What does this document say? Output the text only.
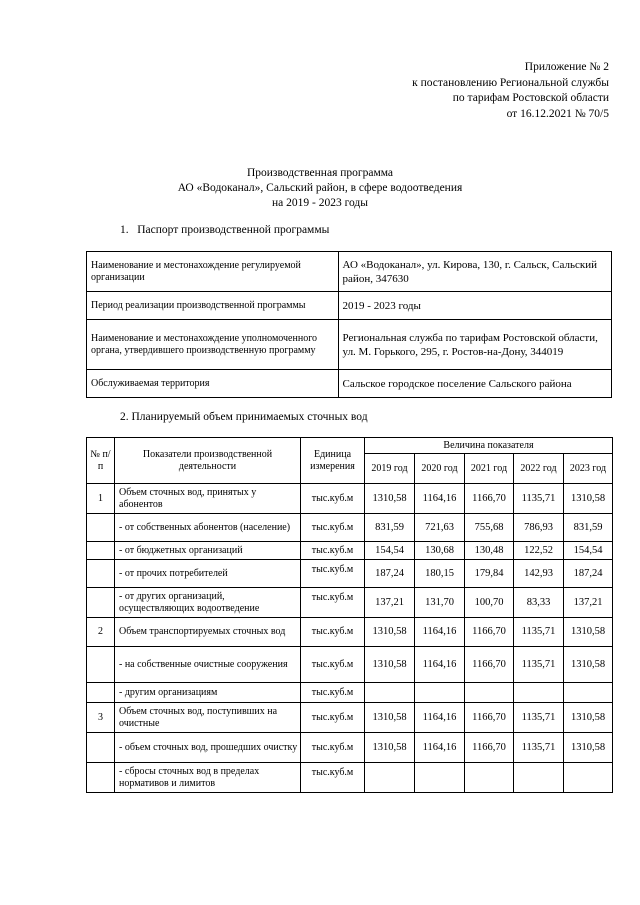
Приложение № 2
к постановлению Региональной службы
по тарифам Ростовской области
от 16.12.2021 № 70/5
Производственная программа
АО «Водоканал», Сальский район, в сфере водоотведения
на 2019 - 2023 годы
1. Паспорт производственной программы
Наименование и местонахождение регулируемой организации	АО «Водоканал», ул. Кирова, 130, г. Сальск, Сальский район, 347630
Период реализации производственной программы	2019 - 2023 годы
Наименование и местонахождение уполномоченного органа, утвердившего производственную программу	Региональная служба по тарифам Ростовской области, ул. М. Горького, 295, г. Ростов-на-Дону, 344019
Обслуживаемая территория	Сальское городское поселение Сальского района
2. Планируемый объем принимаемых сточных вод
№ п/п	Показатели производственной деятельности	Единица измерения	Величина показателя				
			2019 год	2020 год	2021 год	2022 год	2023 год
1	Объем сточных вод, принятых у абонентов	тыс.куб.м	1310,58	1164,16	1166,70	1135,71	1310,58
	- от собственных абонентов (население)	тыс.куб.м	831,59	721,63	755,68	786,93	831,59
	- от бюджетных организаций	тыс.куб.м	154,54	130,68	130,48	122,52	154,54
	- от прочих потребителей	тыс.куб.м	187,24	180,15	179,84	142,93	187,24
	- от других организаций, осуществляющих водоотведение	тыс.куб.м	137,21	131,70	100,70	83,33	137,21
2	Объем транспортируемых сточных вод	тыс.куб.м	1310,58	1164,16	1166,70	1135,71	1310,58
	- на собственные очистные сооружения	тыс.куб.м	1310,58	1164,16	1166,70	1135,71	1310,58
	- другим организациям	тыс.куб.м					
3	Объем сточных вод, поступивших на очистные	тыс.куб.м	1310,58	1164,16	1166,70	1135,71	1310,58
	- объем сточных вод, прошедших очистку	тыс.куб.м	1310,58	1164,16	1166,70	1135,71	1310,58
	- сбросы сточных вод в пределах нормативов и лимитов	тыс.куб.м					
